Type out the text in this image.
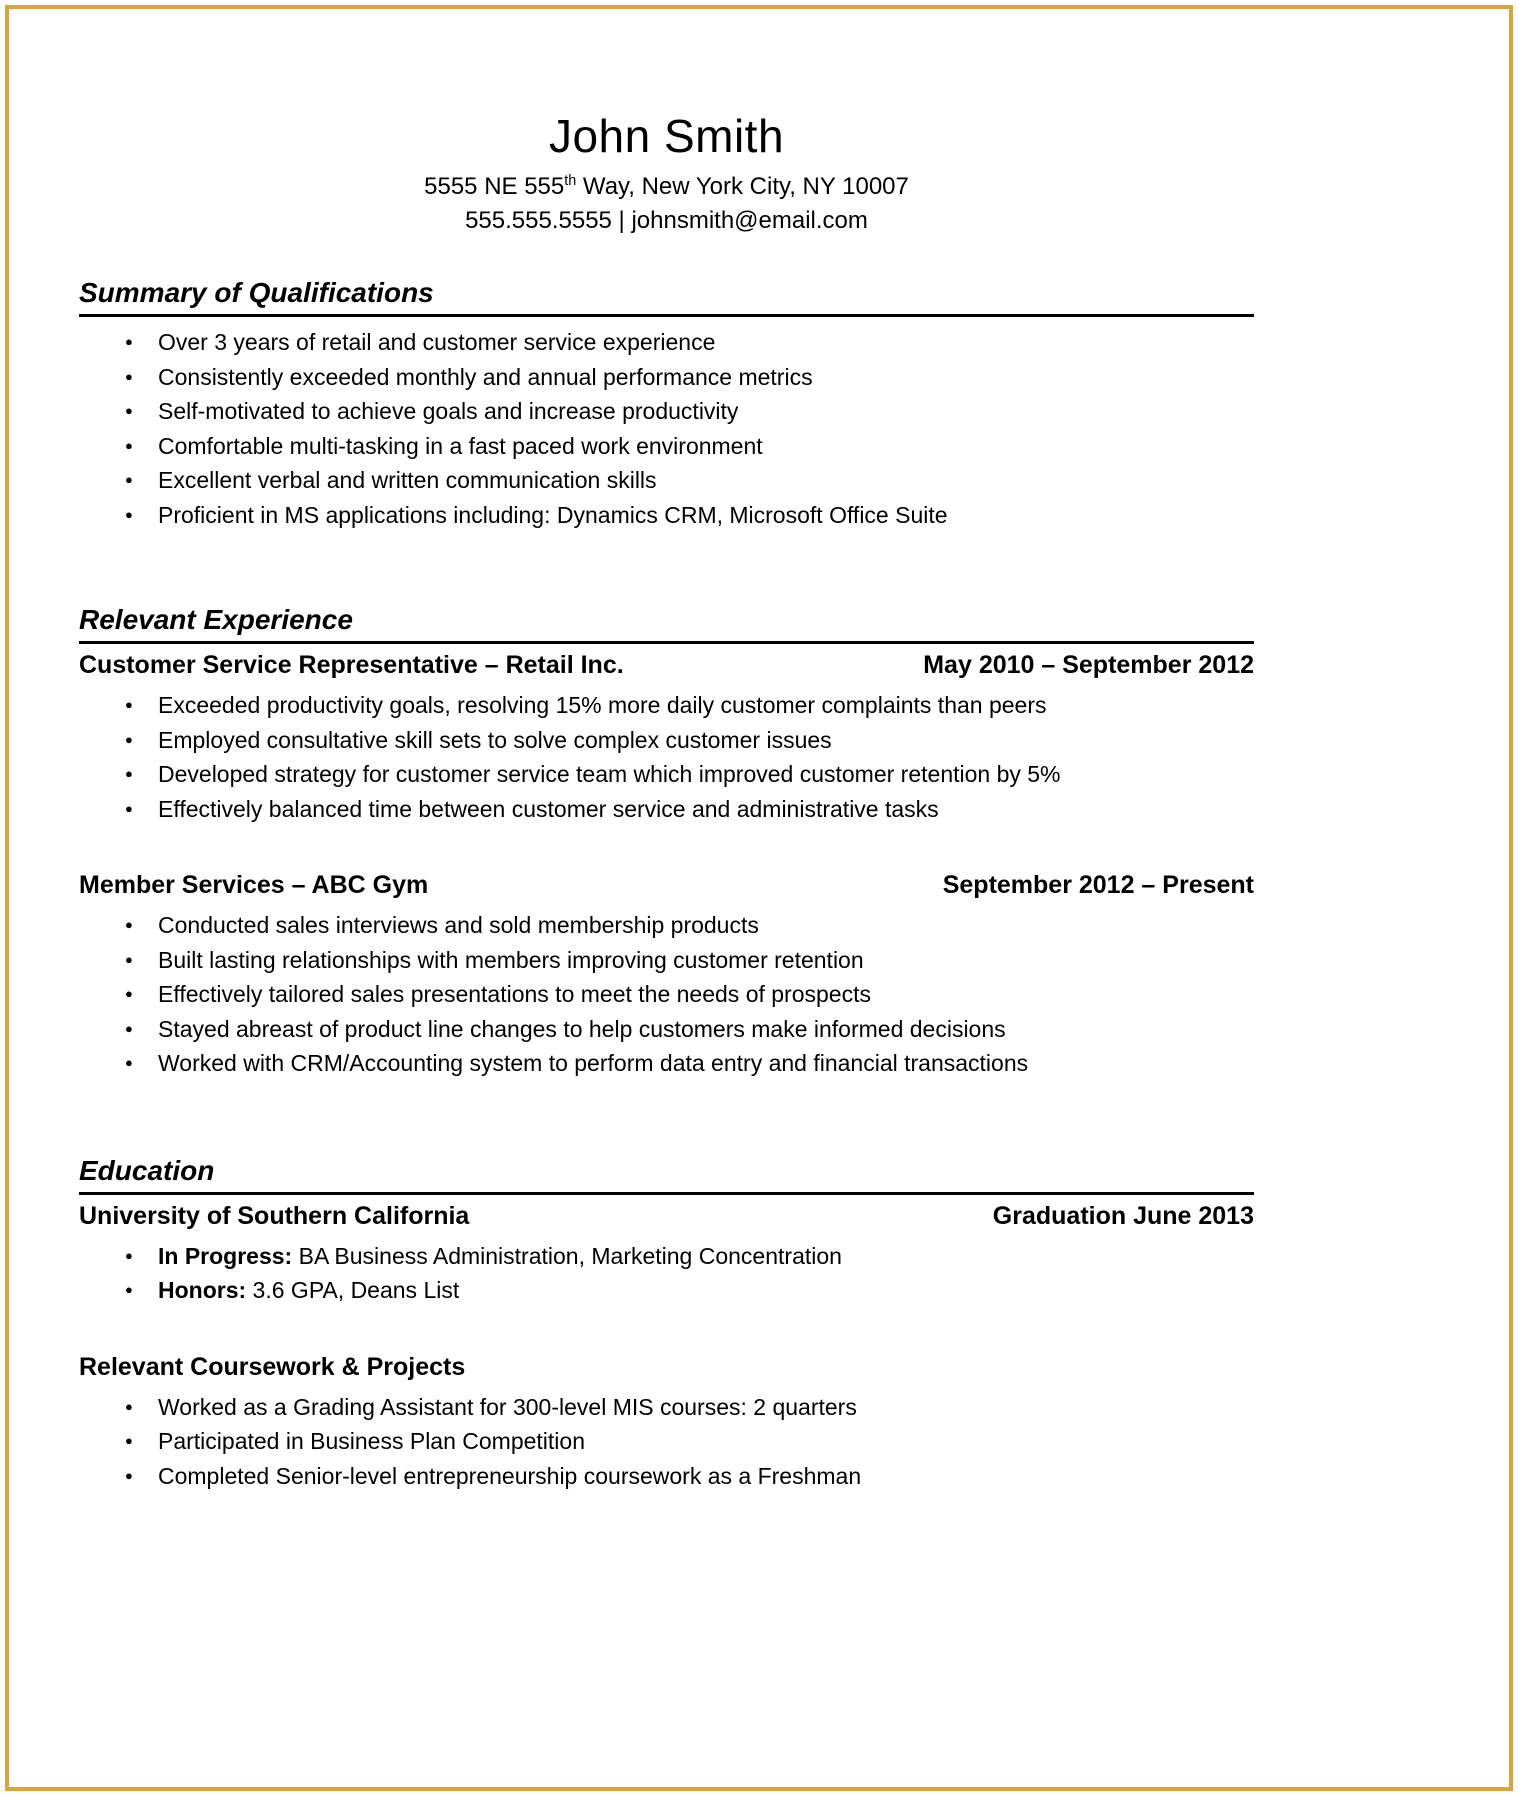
John Smith

5555 NE 555th Way, New York City, NY 10007

555.555.5555 | johnsmith@email.com

Summary of Qualifications
● Over 3 years of retail and customer service experience
● Consistently exceeded monthly and annual performance metrics
● Self-motivated to achieve goals and increase productivity
● Comfortable multi-tasking in a fast paced work environment
● Excellent verbal and written communication skills
● Proficient in MS applications including: Dynamics CRM, Microsoft Office Suite
Relevant Experience
Customer Service Representative – Retail Inc.	May 2010 – September 2012
● Exceeded productivity goals, resolving 15% more daily customer complaints than peers
● Employed consultative skill sets to solve complex customer issues
● Developed strategy for customer service team which improved customer retention by 5%
● Effectively balanced time between customer service and administrative tasks
Member Services – ABC Gym	September 2012 – Present
● Conducted sales interviews and sold membership products
● Built lasting relationships with members improving customer retention
● Effectively tailored sales presentations to meet the needs of prospects
● Stayed abreast of product line changes to help customers make informed decisions
● Worked with CRM/Accounting system to perform data entry and financial transactions
Education
University of Southern California	Graduation June 2013
● In Progress: BA Business Administration, Marketing Concentration
● Honors: 3.6 GPA, Deans List
Relevant Coursework & Projects
● Worked as a Grading Assistant for 300-level MIS courses: 2 quarters
● Participated in Business Plan Competition
● Completed Senior-level entrepreneurship coursework as a Freshman
